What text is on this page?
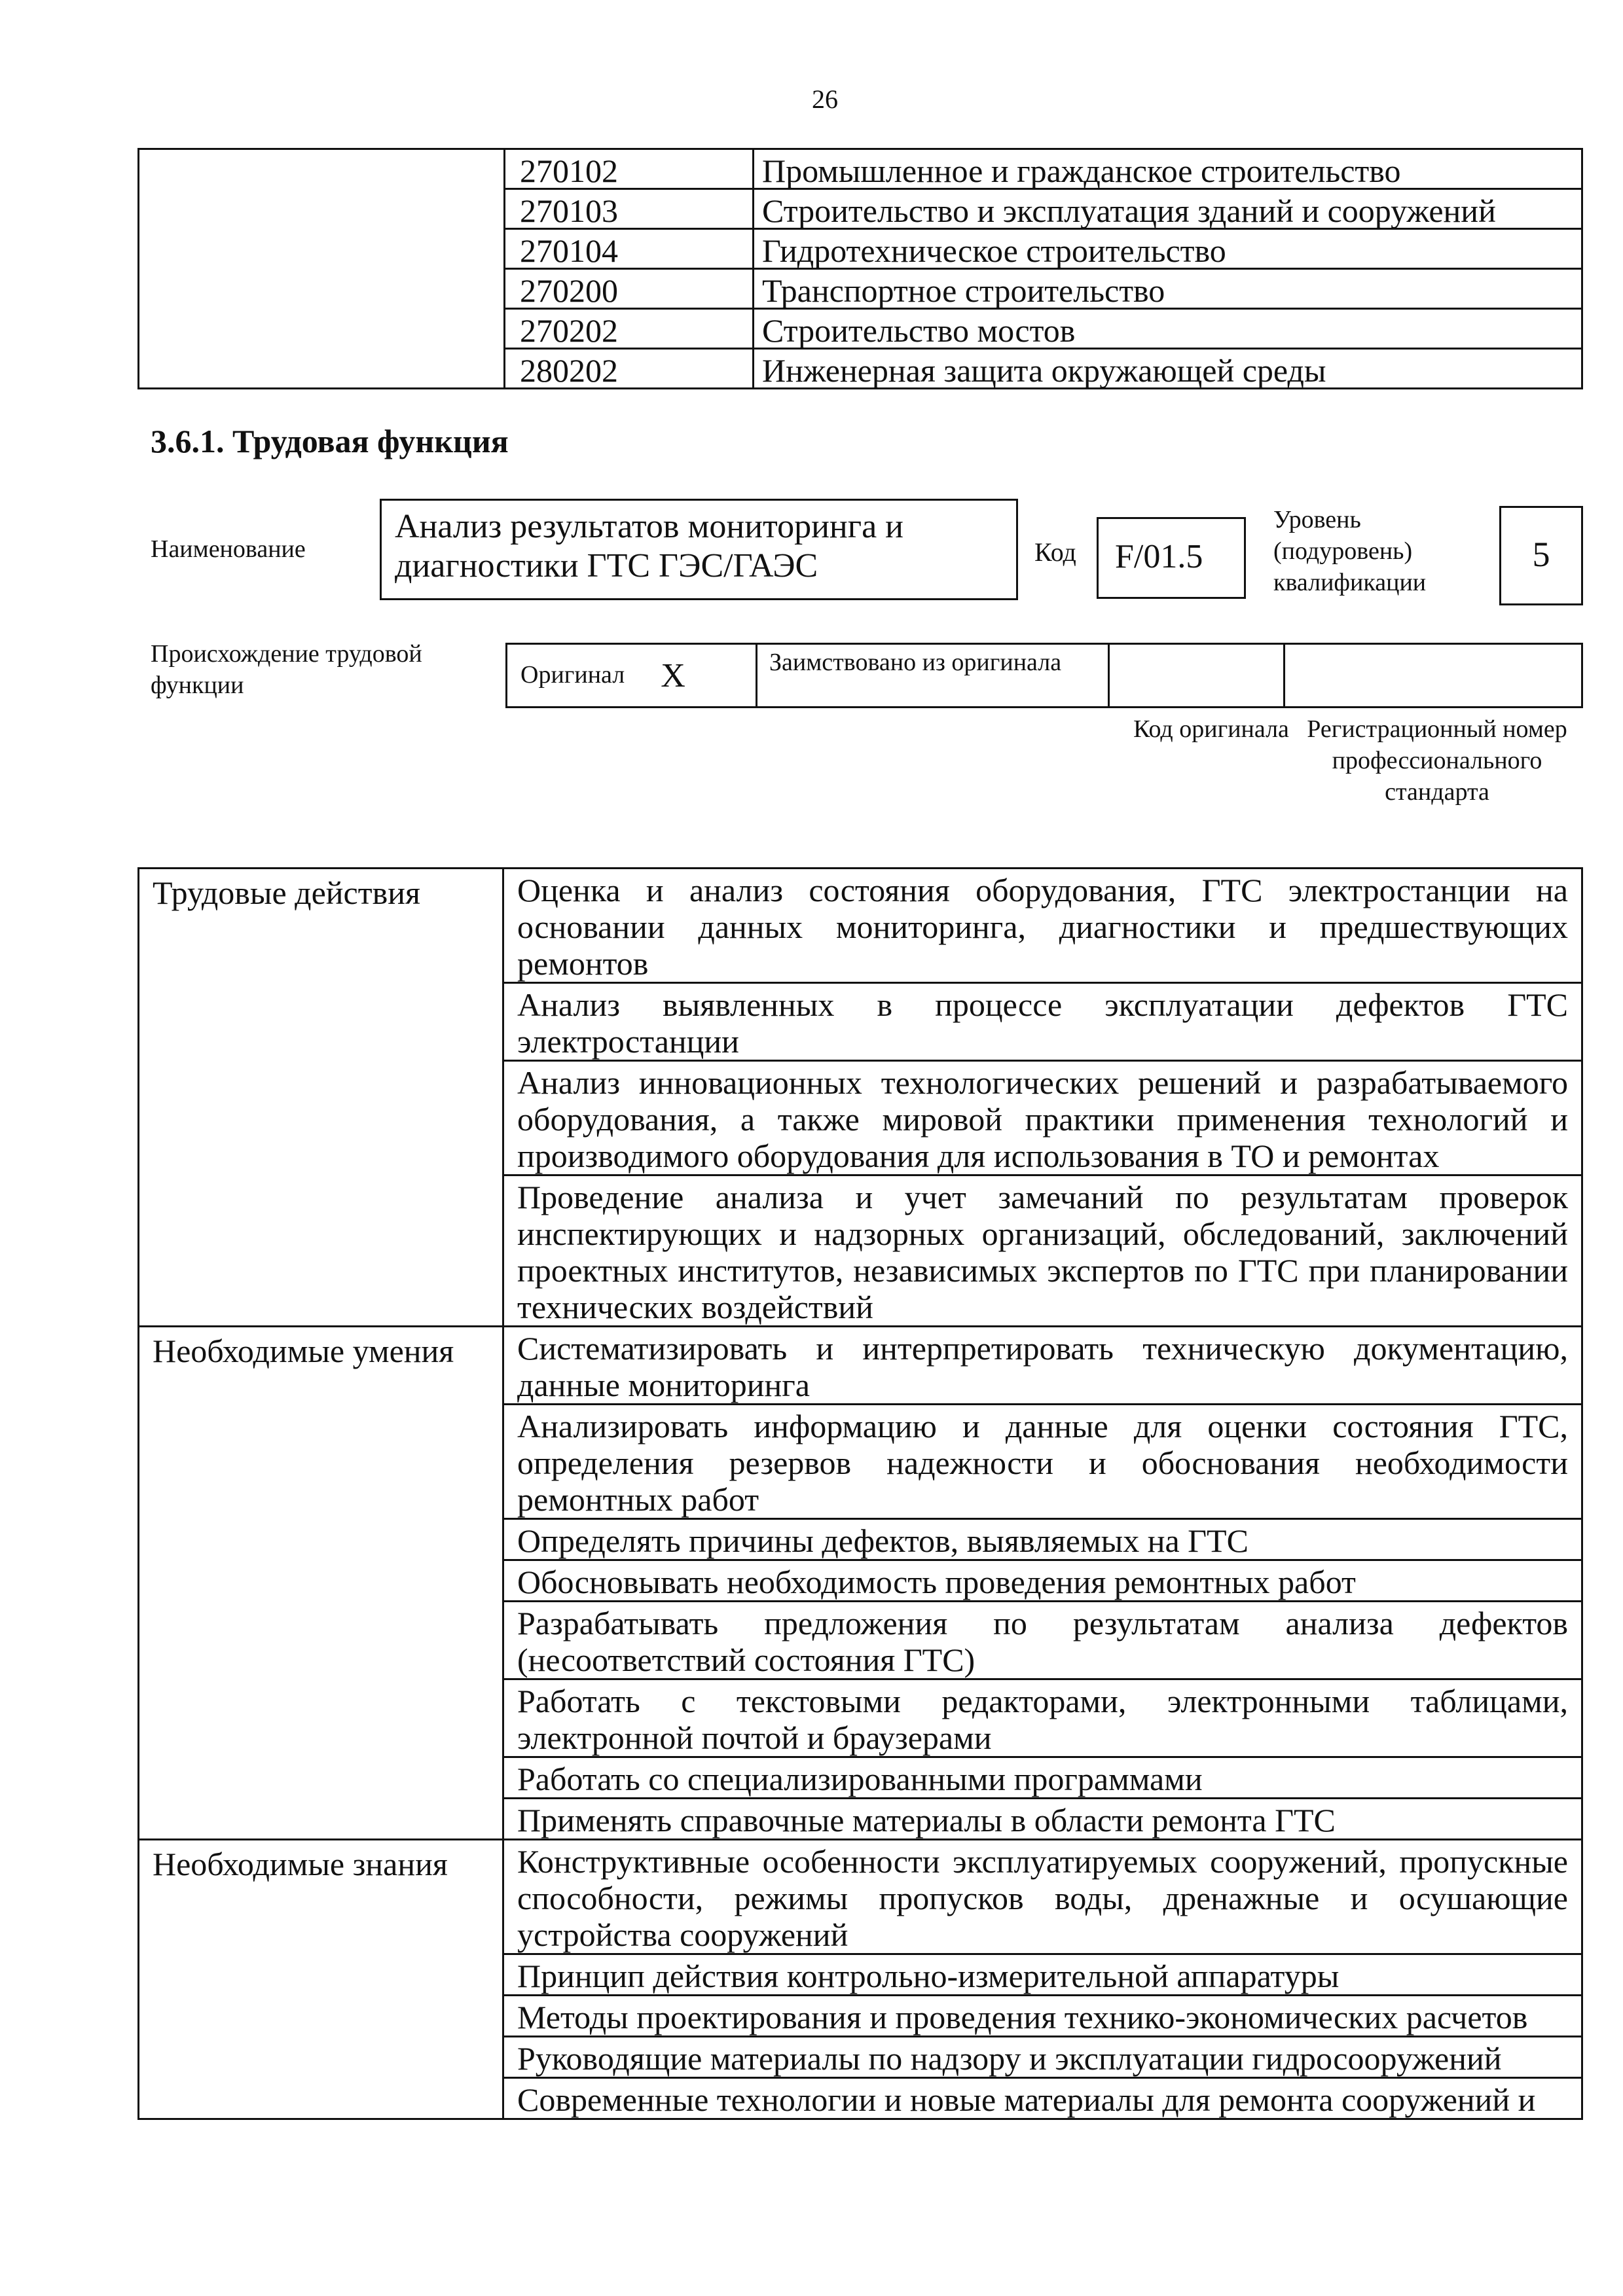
26
	270102	Промышленное и гражданское строительство
	270103	Строительство и эксплуатация зданий и сооружений
	270104	Гидротехническое строительство
	270200	Транспортное строительство
	270202	Строительство мостов
	280202	Инженерная защита окружающей среды
3.6.1. Трудовая функция
Наименование
Анализ результатов мониторинга и диагностики ГТС ГЭС/ГАЭС	Код	F/01.5
Уровень (подуровень) квалификации
5
Происхождение трудовой функции	Оригинал X	Заимствовано из оригинала
Код оригинала Регистрационный номер профессионального стандарта
Трудовые действия	Оценка и анализ состояния оборудования, ГТС электростанции на основании данных мониторинга, диагностики и предшествующих ремонтов
	Анализ выявленных в процессе эксплуатации дефектов ГТС электростанции
	Анализ инновационных технологических решений и разрабатываемого оборудования, а также мировой практики применения технологий и производимого оборудования для использования в ТО и ремонтах
	Проведение анализа и учет замечаний по результатам проверок инспектирующих и надзорных организаций, обследований, заключений проектных институтов, независимых экспертов по ГТС при планировании технических воздействий
Необходимые умения	Систематизировать и интерпретировать техническую документацию, данные мониторинга
	Анализировать информацию и данные для оценки состояния ГТС, определения резервов надежности и обоснования необходимости ремонтных работ
	Определять причины дефектов, выявляемых на ГТС
	Обосновывать необходимость проведения ремонтных работ
	Разрабатывать предложения по результатам анализа дефектов (несоответствий состояния ГТС)
	Работать с текстовыми редакторами, электронными таблицами, электронной почтой и браузерами
	Работать со специализированными программами
	Применять справочные материалы в области ремонта ГТС
Необходимые знания	Конструктивные особенности эксплуатируемых сооружений, пропускные способности, режимы пропусков воды, дренажные и осушающие устройства сооружений
	Принцип действия контрольно-измерительной аппаратуры
	Методы проектирования и проведения технико-экономических расчетов
	Руководящие материалы по надзору и эксплуатации гидросооружений
	Современные технологии и новые материалы для ремонта сооружений и
